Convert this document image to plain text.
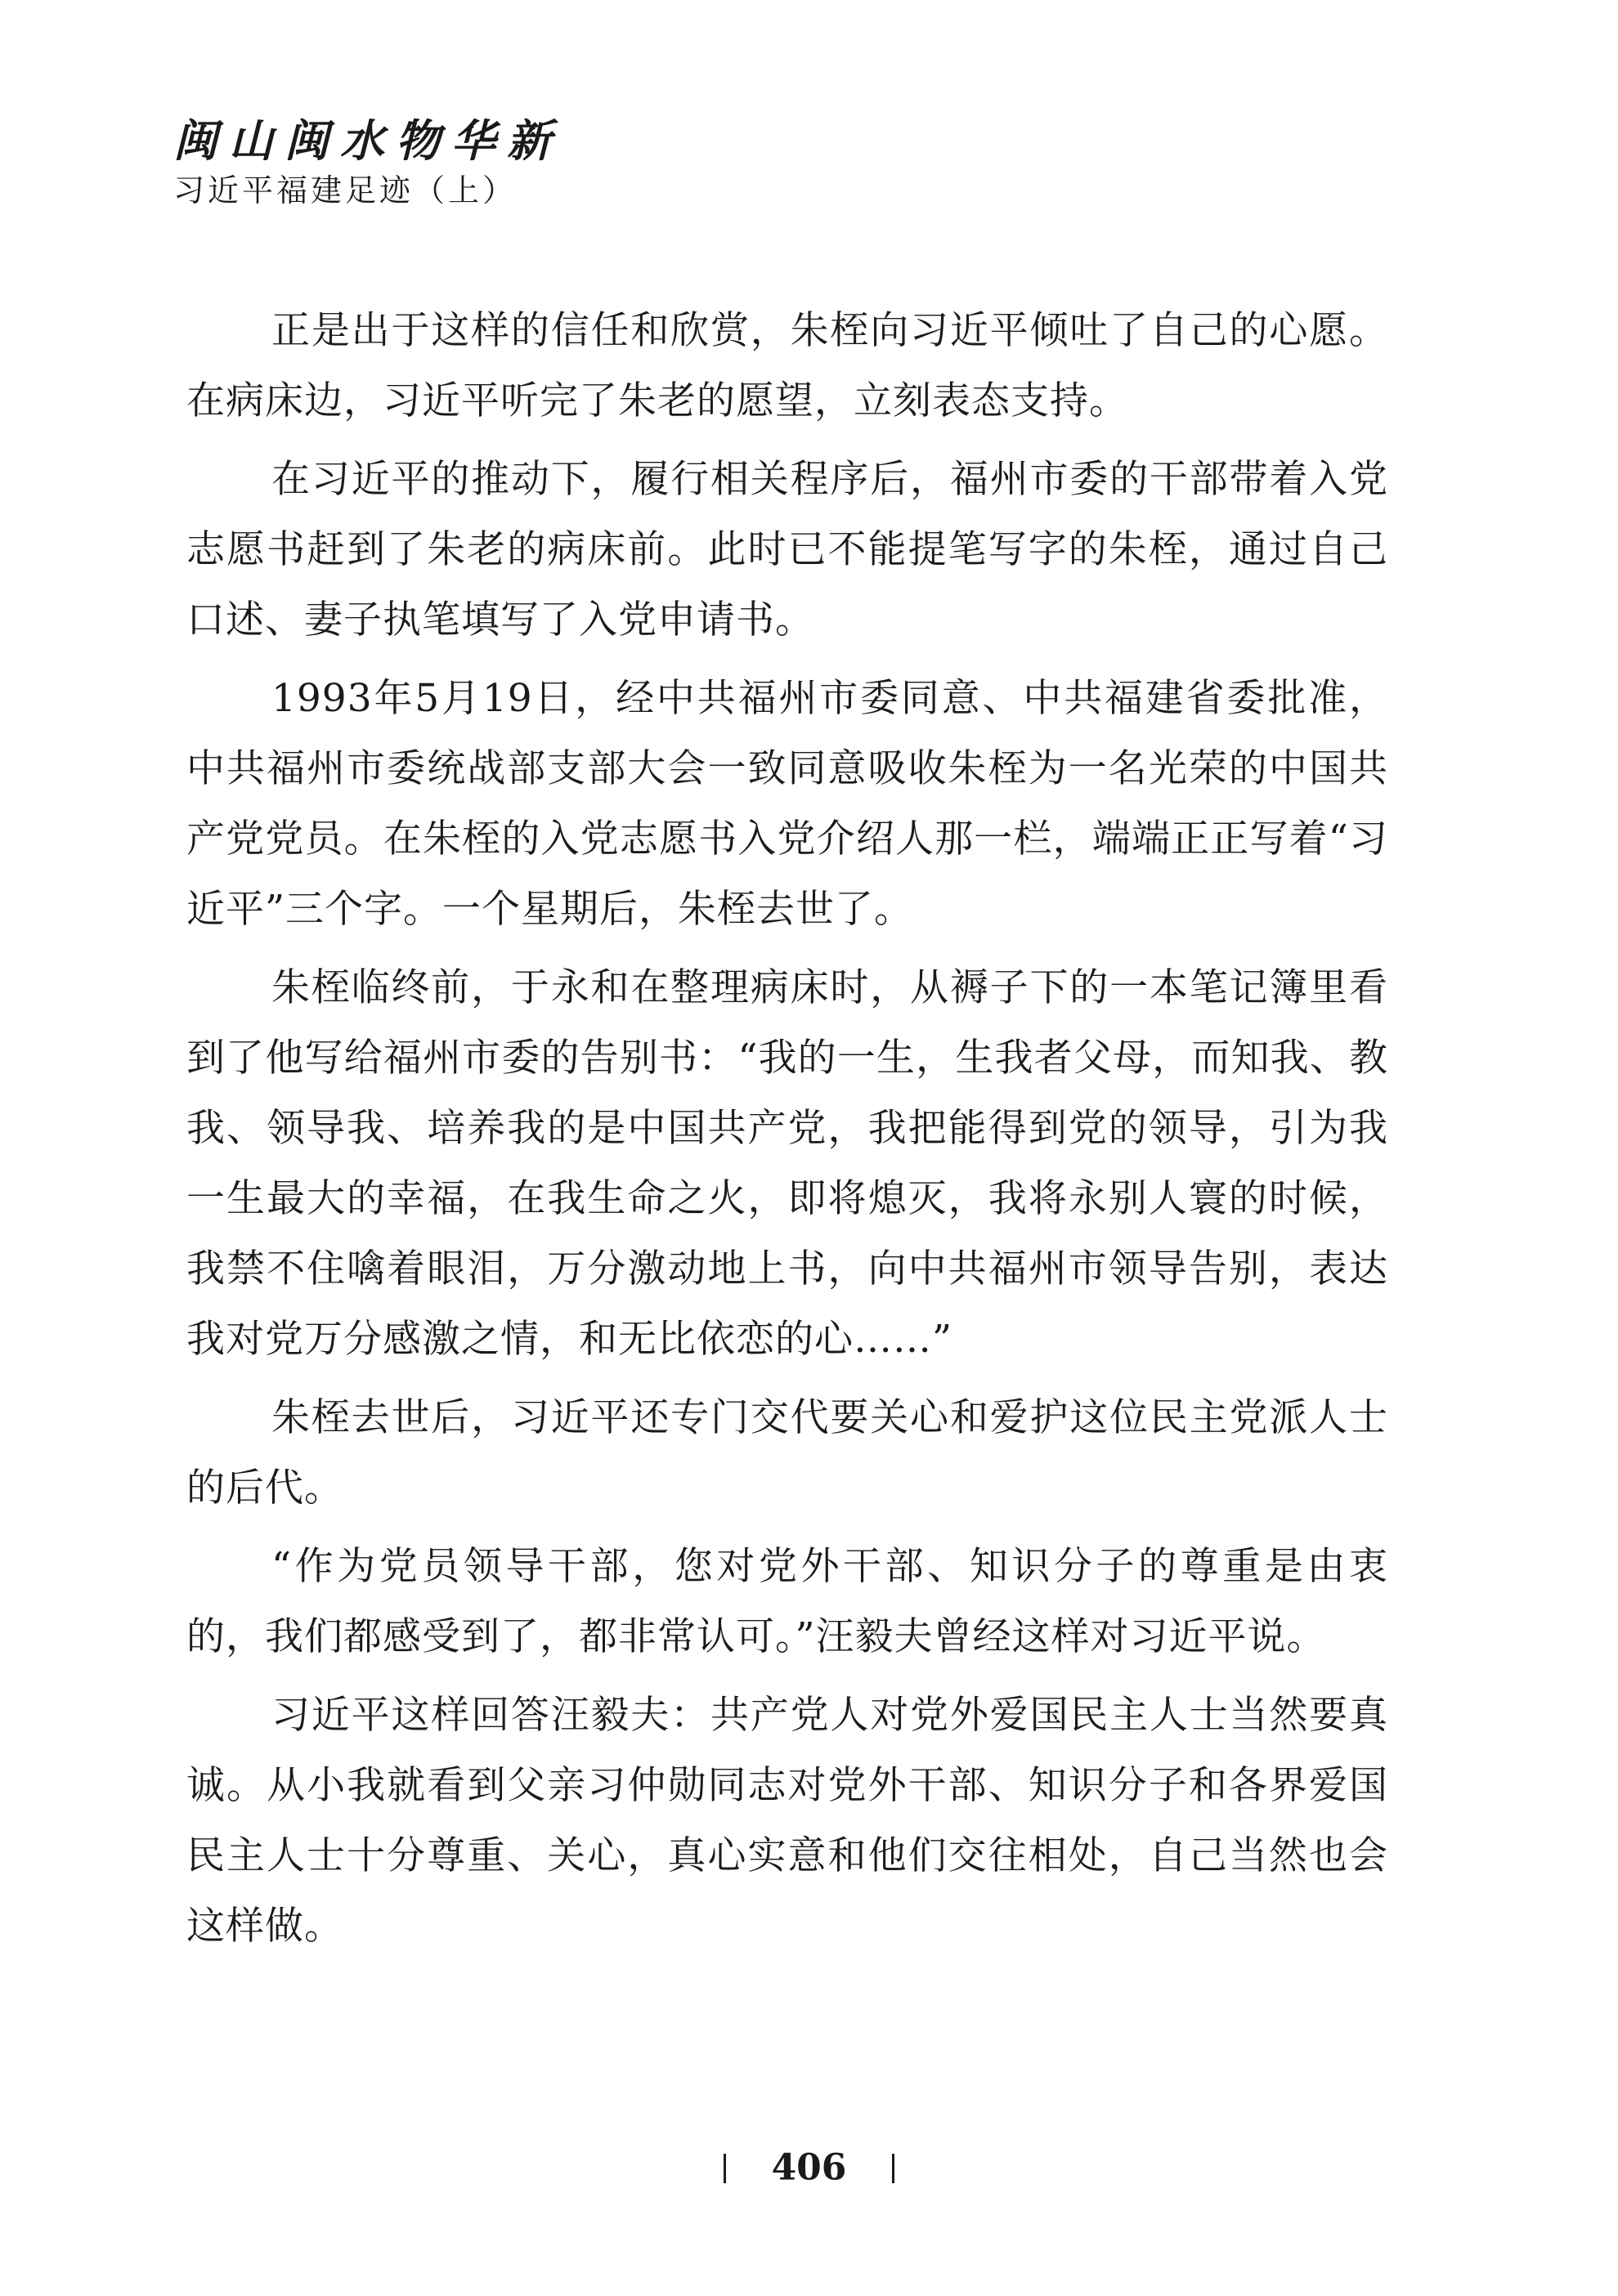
闽山闽水物华新
习近平福建足迹（上）

正是出于这样的信任和欣赏，朱桎向习近平倾吐了自己的心愿。在病床边，习近平听完了朱老的愿望，立刻表态支持。

在习近平的推动下，履行相关程序后，福州市委的干部带着入党志愿书赶到了朱老的病床前。此时已不能提笔写字的朱桎，通过自己口述、妻子执笔填写了入党申请书。

1993年5月19日，经中共福州市委同意、中共福建省委批准，中共福州市委统战部支部大会一致同意吸收朱桎为一名光荣的中国共产党党员。在朱桎的入党志愿书入党介绍人那一栏，端端正正写着“习近平”三个字。一个星期后，朱桎去世了。

朱桎临终前，于永和在整理病床时，从褥子下的一本笔记簿里看到了他写给福州市委的告别书：“我的一生，生我者父母，而知我、教我、领导我、培养我的是中国共产党，我把能得到党的领导，引为我一生最大的幸福，在我生命之火，即将熄灭，我将永别人寰的时候，我禁不住噙着眼泪，万分激动地上书，向中共福州市领导告别，表达我对党万分感激之情，和无比依恋的心……”

朱桎去世后，习近平还专门交代要关心和爱护这位民主党派人士的后代。

“作为党员领导干部，您对党外干部、知识分子的尊重是由衷的，我们都感受到了，都非常认可。”汪毅夫曾经这样对习近平说。

习近平这样回答汪毅夫：共产党人对党外爱国民主人士当然要真诚。从小我就看到父亲习仲勋同志对党外干部、知识分子和各界爱国民主人士十分尊重、关心，真心实意和他们交往相处，自己当然也会这样做。

406
